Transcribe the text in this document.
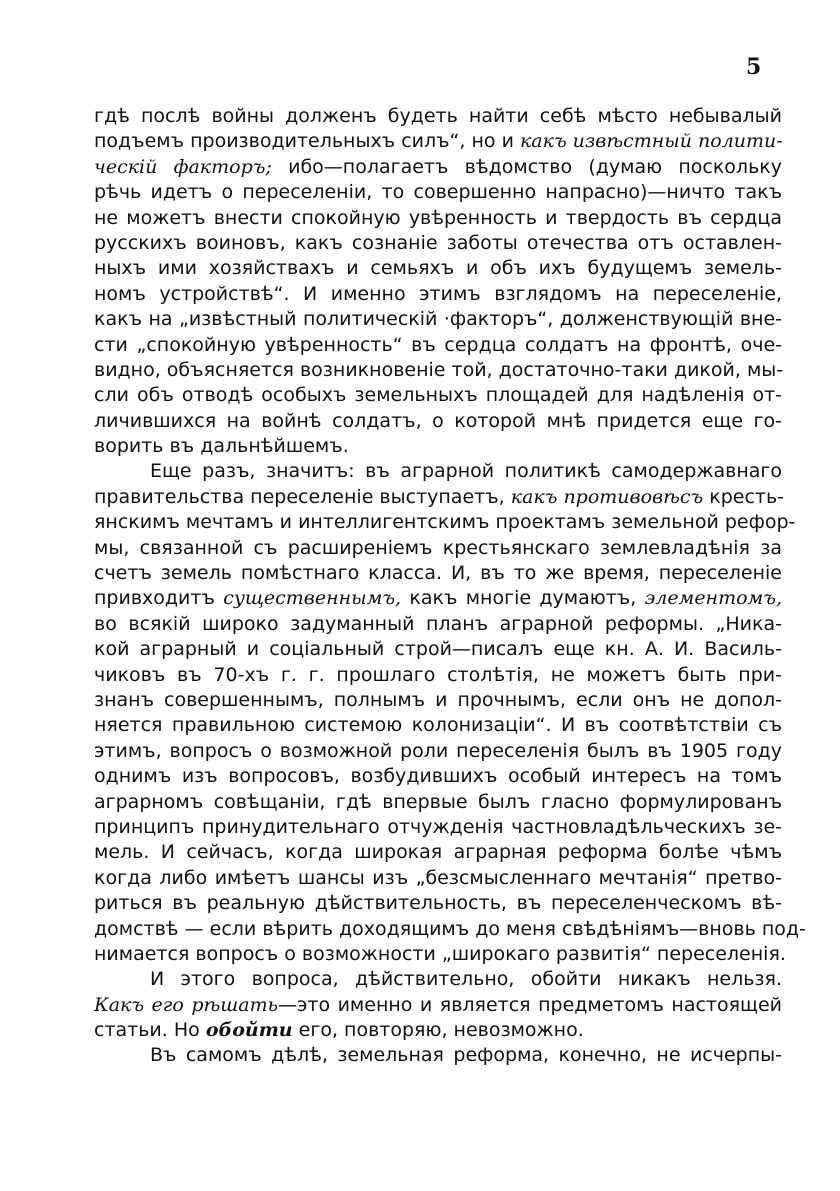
5
гдѣ послѣ войны долженъ будеть найти себѣ мѣсто небывалый
подъемъ производительныхъ силъ“, но и какъ извѣстный полити-
ческій факторъ; ибо—полагаетъ вѣдомство (думаю поскольку
рѣчь идетъ о переселеніи, то совершенно напрасно)—ничто такъ
не можетъ внести спокойную увѣренность и твердость въ сердца
русскихъ воиновъ, какъ сознаніе заботы отечества отъ оставлен-
ныхъ ими хозяйствахъ и семьяхъ и объ ихъ будущемъ земель-
номъ устройствѣ“. И именно этимъ взглядомъ на переселеніе,
какъ на „извѣстный политическій ·факторъ“, долженствующій вне-
сти „спокойную увѣренность“ въ сердца солдатъ на фронтѣ, оче-
видно, объясняется возникновеніе той, достаточно-таки дикой, мы-
сли объ отводѣ особыхъ земельныхъ площадей для надѣленія от-
личившихся на войнѣ солдатъ, о которой мнѣ придется еще го-
ворить въ дальнѣйшемъ.
Еще разъ, значитъ: въ аграрной политикѣ самодержавнаго
правительства переселеніе выступаетъ, какъ противовѣсъ кресть-
янскимъ мечтамъ и интеллигентскимъ проектамъ земельной рефор-
мы, связанной съ расширеніемъ крестьянскаго землевладѣнія за
счетъ земель помѣстнаго класса. И, въ то же время, переселеніе
привходитъ существеннымъ, какъ многіе думаютъ, элементомъ,
во всякій широко задуманный планъ аграрной реформы. „Ника-
кой аграрный и соціальный строй—писалъ еще кн. А. И. Василь-
чиковъ въ 70-хъ г. г. прошлаго столѣтія, не можетъ быть при-
знанъ совершеннымъ, полнымъ и прочнымъ, если онъ не допол-
няется правильною системою колонизаціи“. И въ соотвѣтствіи съ
этимъ, вопросъ о возможной роли переселенія былъ въ 1905 году
однимъ изъ вопросовъ, возбудившихъ особый интересъ на томъ
аграрномъ совѣщаніи, гдѣ впервые былъ гласно формулированъ
принципъ принудительнаго отчужденія частновладѣльческихъ зе-
мель. И сейчасъ, когда широкая аграрная реформа болѣе чѣмъ
когда либо имѣетъ шансы изъ „безсмысленнаго мечтанія“ претво-
риться въ реальную дѣйствительность, въ переселенческомъ вѣ-
домствѣ — если вѣрить доходящимъ до меня свѣдѣніямъ—вновь под-
нимается вопросъ о возможности „широкаго развитія“ переселенія.
И этого вопроса, дѣйствительно, обойти никакъ нельзя.
Какъ его рѣшать—это именно и является предметомъ настоящей
статьи. Но обойти его, повторяю, невозможно.
Въ самомъ дѣлѣ, земельная реформа, конечно, не исчерпы-
